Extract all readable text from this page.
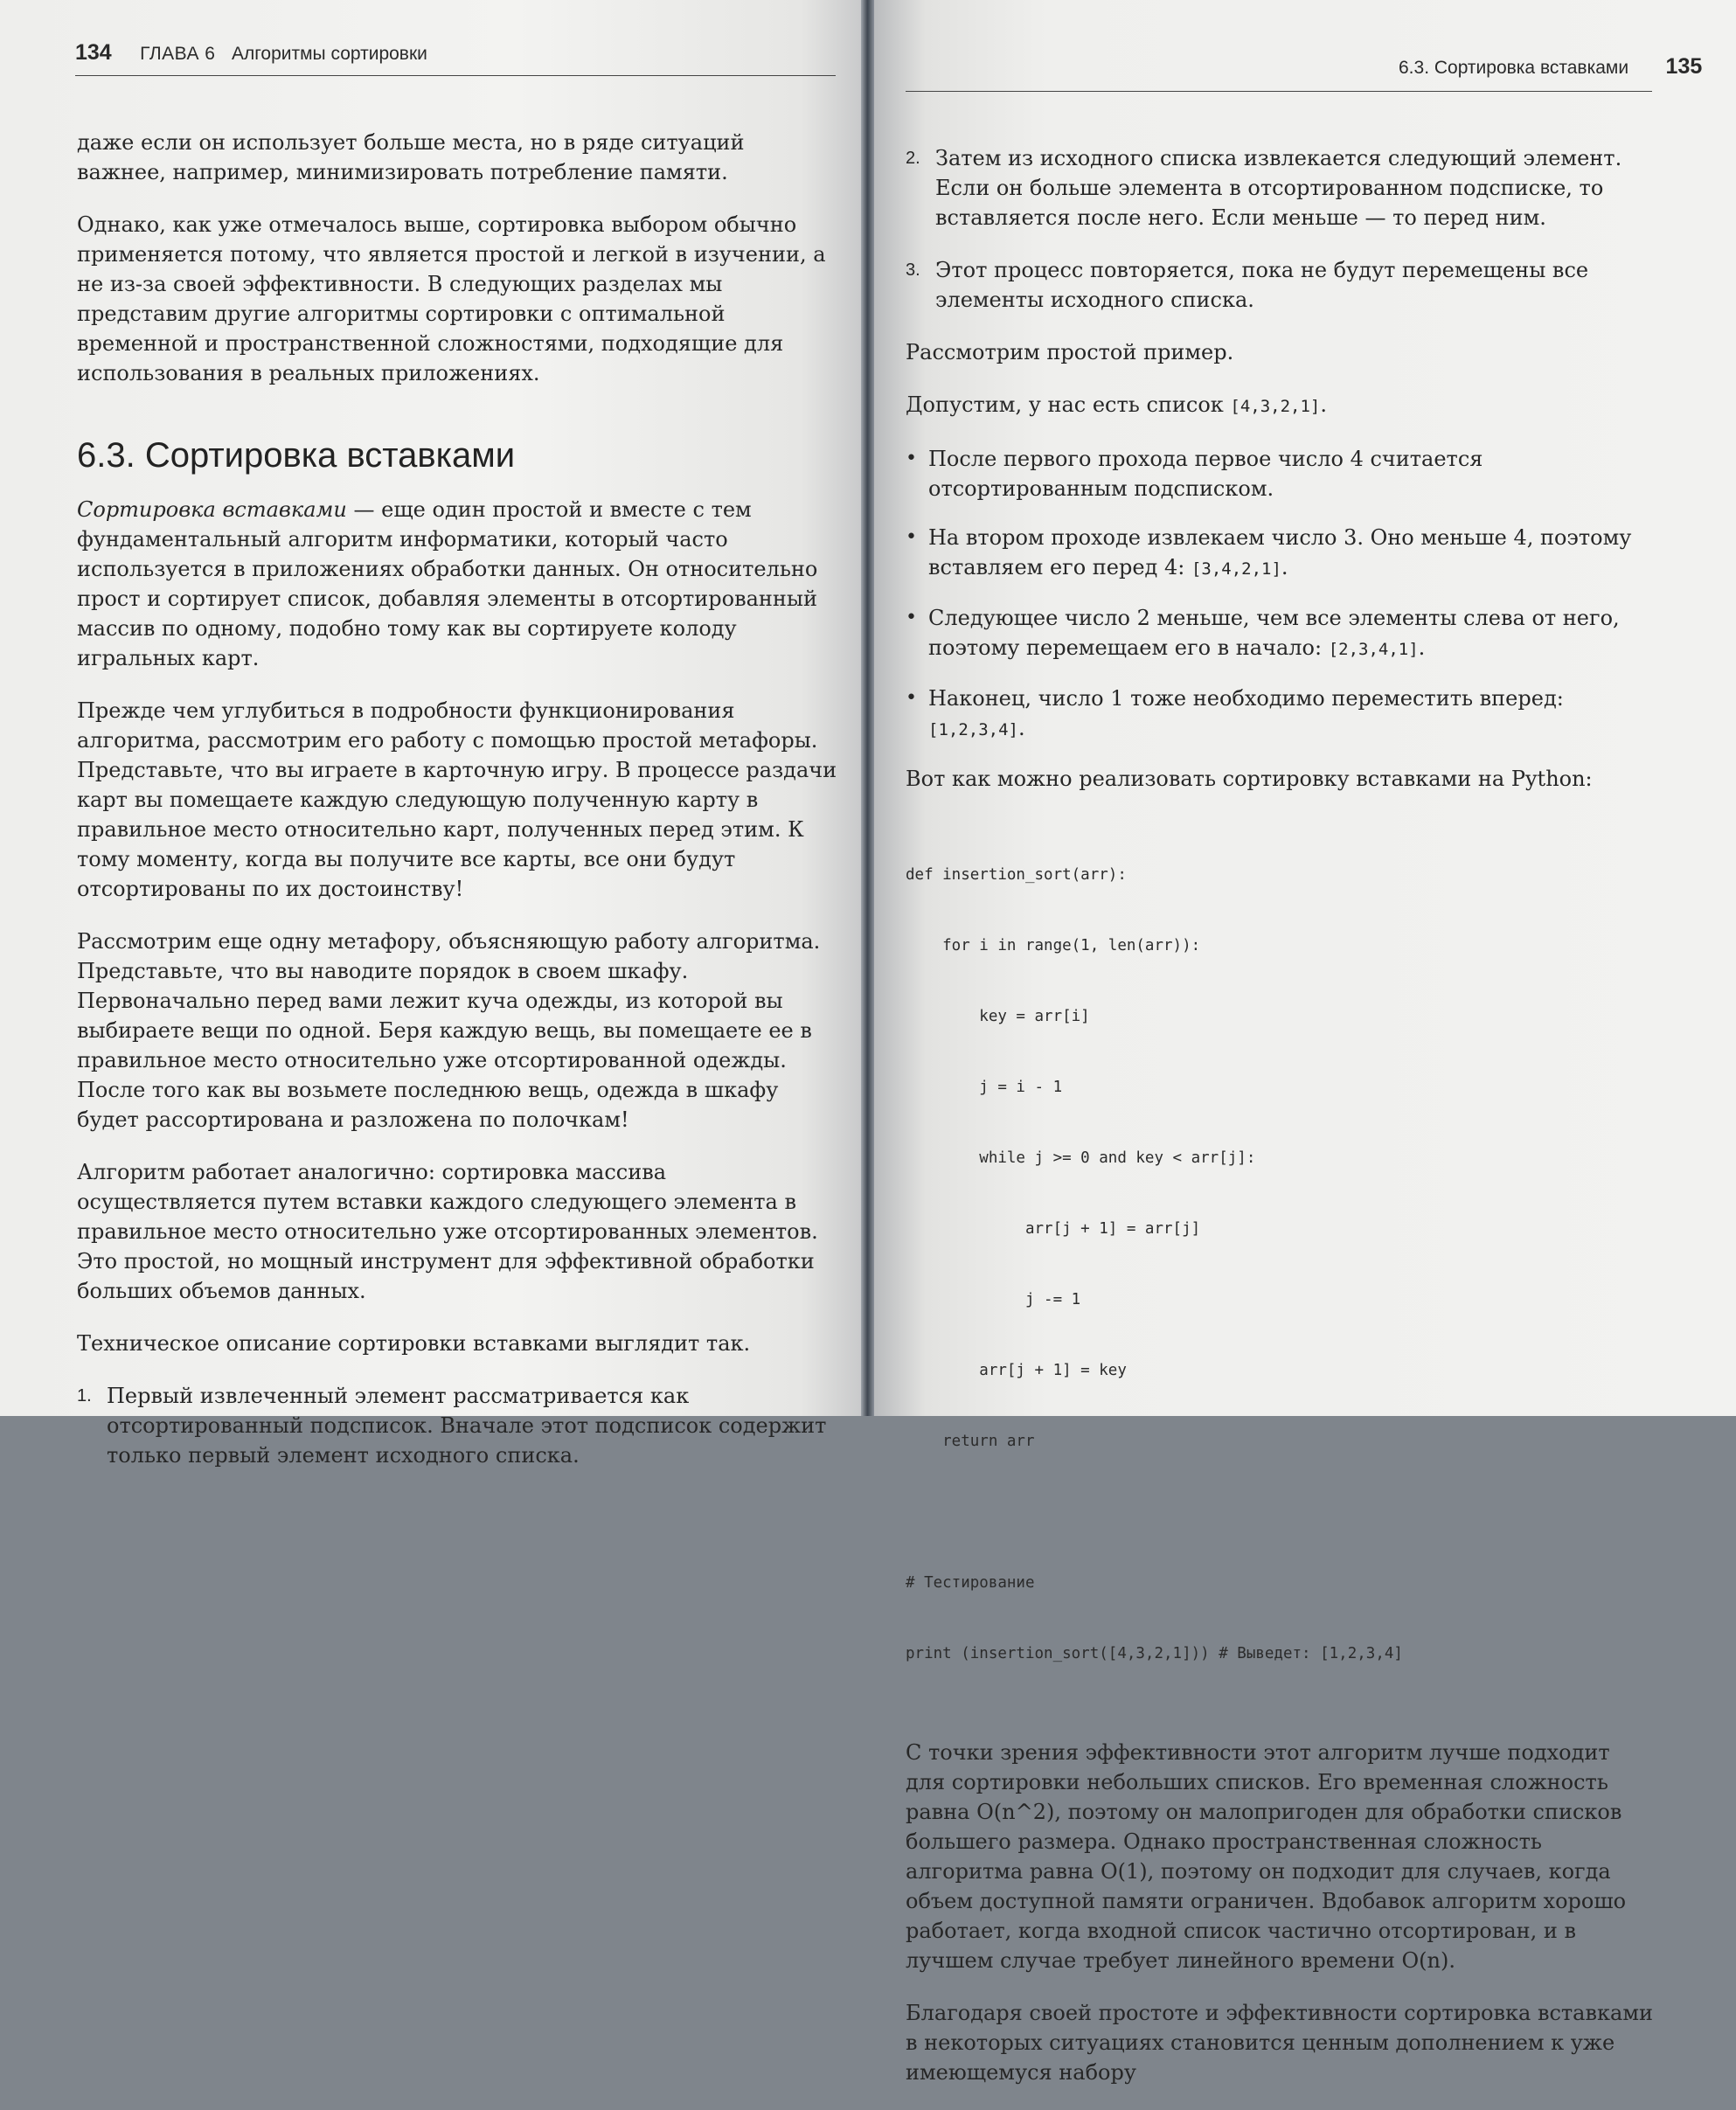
134 ГЛАВА 6 Алгоритмы сортировки

даже если он использует больше места, но в ряде ситуаций важнее, например, минимизировать потребление памяти.

Однако, как уже отмечалось выше, сортировка выбором обычно применяется потому, что является простой и легкой в изучении, а не из-за своей эффективности. В следующих разделах мы представим другие алгоритмы сортировки с оптимальной временной и пространственной сложностями, подходящие для использования в реальных приложениях.

6.3. Сортировка вставками

Сортировка вставками — еще один простой и вместе с тем фундаментальный алгоритм информатики, который часто используется в приложениях обработки данных. Он относительно прост и сортирует список, добавляя элементы в отсортированный массив по одному, подобно тому как вы сортируете колоду игральных карт.

Прежде чем углубиться в подробности функционирования алгоритма, рассмотрим его работу с помощью простой метафоры. Представьте, что вы играете в карточную игру. В процессе раздачи карт вы помещаете каждую следующую полученную карту в правильное место относительно карт, полученных перед этим. К тому моменту, когда вы получите все карты, все они будут отсортированы по их достоинству!

Рассмотрим еще одну метафору, объясняющую работу алгоритма. Представьте, что вы наводите порядок в своем шкафу. Первоначально перед вами лежит куча одежды, из которой вы выбираете вещи по одной. Беря каждую вещь, вы помещаете ее в правильное место относительно уже отсортированной одежды. После того как вы возьмете последнюю вещь, одежда в шкафу будет рассортирована и разложена по полочкам!

Алгоритм работает аналогично: сортировка массива осуществляется путем вставки каждого следующего элемента в правильное место относительно уже отсортированных элементов. Это простой, но мощный инструмент для эффективной обработки больших объемов данных.

Техническое описание сортировки вставками выглядит так.

1. Первый извлеченный элемент рассматривается как отсортированный подсписок. Вначале этот подсписок содержит только первый элемент исходного списка.
6.3. Сортировка вставками 135
2. Затем из исходного списка извлекается следующий элемент. Если он больше элемента в отсортированном подсписке, то вставляется после него. Если меньше — то перед ним.
3. Этот процесс повторяется, пока не будут перемещены все элементы исходного списка.

Рассмотрим простой пример.

Допустим, у нас есть список [4,3,2,1].

• После первого прохода первое число 4 считается отсортированным подсписком.
• На втором проходе извлекаем число 3. Оно меньше 4, поэтому вставляем его перед 4: [3,4,2,1].
• Следующее число 2 меньше, чем все элементы слева от него, поэтому перемещаем его в начало: [2,3,4,1].
• Наконец, число 1 тоже необходимо переместить вперед: [1,2,3,4].

Вот как можно реализовать сортировку вставками на Python:

def insertion_sort(arr):

for i in range(1, len(arr)):

key = arr[i]

j = i - 1

while j >= 0 and key < arr[j]:

arr[j + 1] = arr[j]

j -= 1

arr[j + 1] = key

return arr

# Тестирование

print (insertion_sort([4,3,2,1])) # Выведет: [1,2,3,4]

С точки зрения эффективности этот алгоритм лучше подходит для сортировки небольших списков. Его временная сложность равна O(n^2), поэтому он малопригоден для обработки списков большего размера. Однако пространственная сложность алгоритма равна O(1), поэтому он подходит для случаев, когда объем доступной памяти ограничен. Вдобавок алгоритм хорошо работает, когда входной список частично отсортирован, и в лучшем случае требует линейного времени O(n).

Благодаря своей простоте и эффективности сортировка вставками в некоторых ситуациях становится ценным дополнением к уже имеющемуся набору
